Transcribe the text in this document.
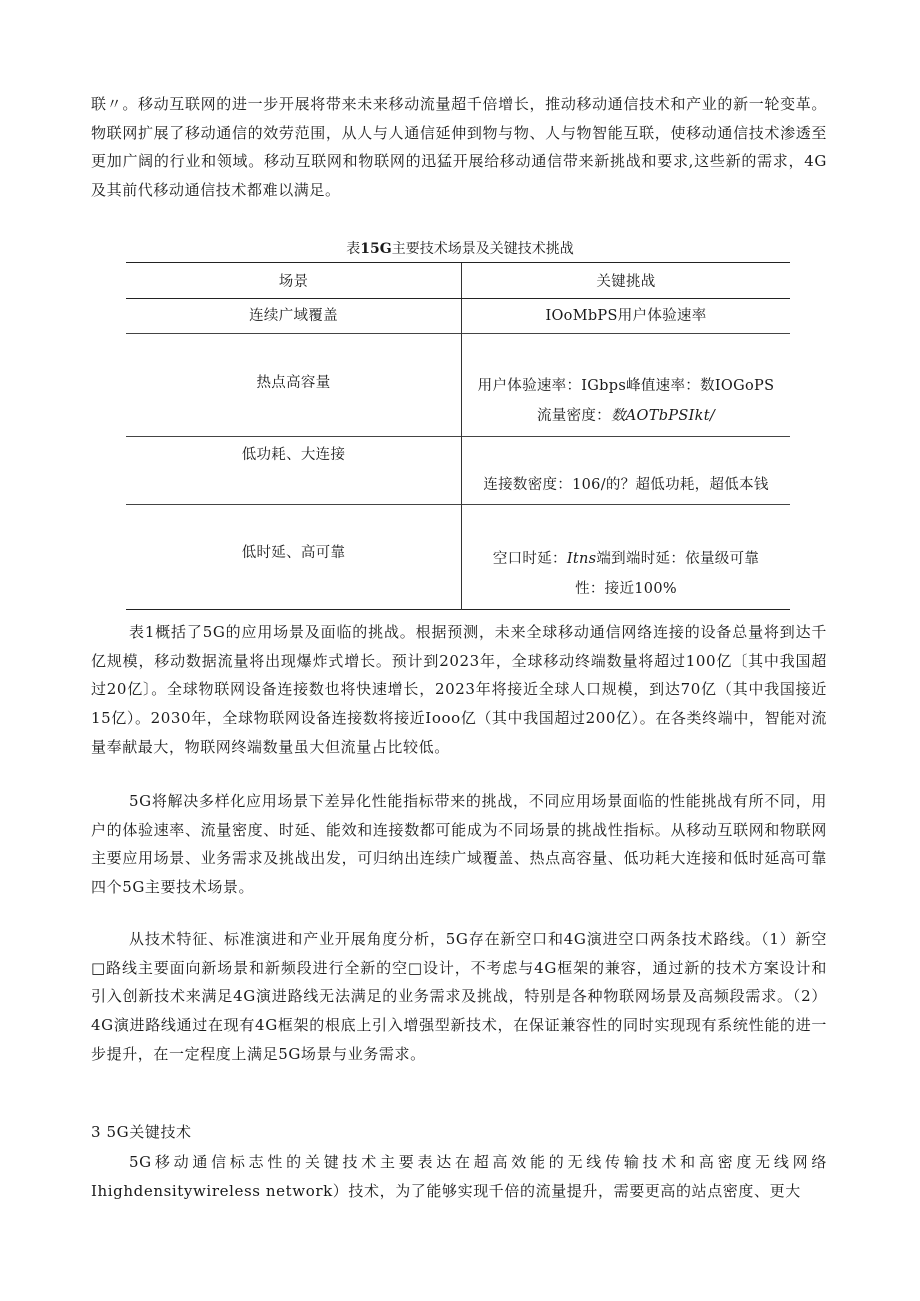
联〃。移动互联网的进一步开展将带来未来移动流量超千倍增长，推动移动通信技术和产业的新一轮变革。物联网扩展了移动通信的效劳范围，从人与人通信延伸到物与物、人与物智能互联，使移动通信技术渗透至更加广阔的行业和领域。移动互联网和物联网的迅猛开展给移动通信带来新挑战和要求,这些新的需求，4G及其前代移动通信技术都难以满足。

表15G主要技术场景及关键技术挑战

场景	关键挑战
连续广域覆盖	IOoMbPS用户体验速率

热点高容量	用户体验速率：IGbps峰值速率：数IOGoPS
流量密度：数AOTbPSIkt/

低功耗、大连接	连接数密度：106/的？超低功耗，超低本钱

低时延、高可靠	空口时延：Itns端到端时延：依量级可靠
性：接近100%

表1概括了5G的应用场景及面临的挑战。根据预测，未来全球移动通信网络连接的设备总量将到达千亿规模，移动数据流量将出现爆炸式增长。预计到2023年，全球移动终端数量将超过100亿〔其中我国超过20亿〕。全球物联网设备连接数也将快速增长，2023年将接近全球人口规模，到达70亿（其中我国接近15亿）。2030年，全球物联网设备连接数将接近Iooo亿（其中我国超过200亿）。在各类终端中，智能对流量奉献最大，物联网终端数量虽大但流量占比较低。

5G将解决多样化应用场景下差异化性能指标带来的挑战，不同应用场景面临的性能挑战有所不同，用户的体验速率、流量密度、时延、能效和连接数都可能成为不同场景的挑战性指标。从移动互联网和物联网主要应用场景、业务需求及挑战出发，可归纳出连续广域覆盖、热点高容量、低功耗大连接和低时延高可靠四个5G主要技术场景。

从技术特征、标准演进和产业开展角度分析，5G存在新空口和4G演进空口两条技术路线。（1）新空□路线主要面向新场景和新频段进行全新的空□设计，不考虑与4G框架的兼容，通过新的技术方案设计和引入创新技术来满足4G演进路线无法满足的业务需求及挑战，特别是各种物联网场景及高频段需求。（2）4G演进路线通过在现有4G框架的根底上引入增强型新技术，在保证兼容性的同时实现现有系统性能的进一步提升，在一定程度上满足5G场景与业务需求。

3 5G关键技术

5G移动通信标志性的关键技术主要表达在超高效能的无线传输技术和高密度无线网络Ihighdensitywireless network）技术，为了能够实现千倍的流量提升，需要更高的站点密度、更大
